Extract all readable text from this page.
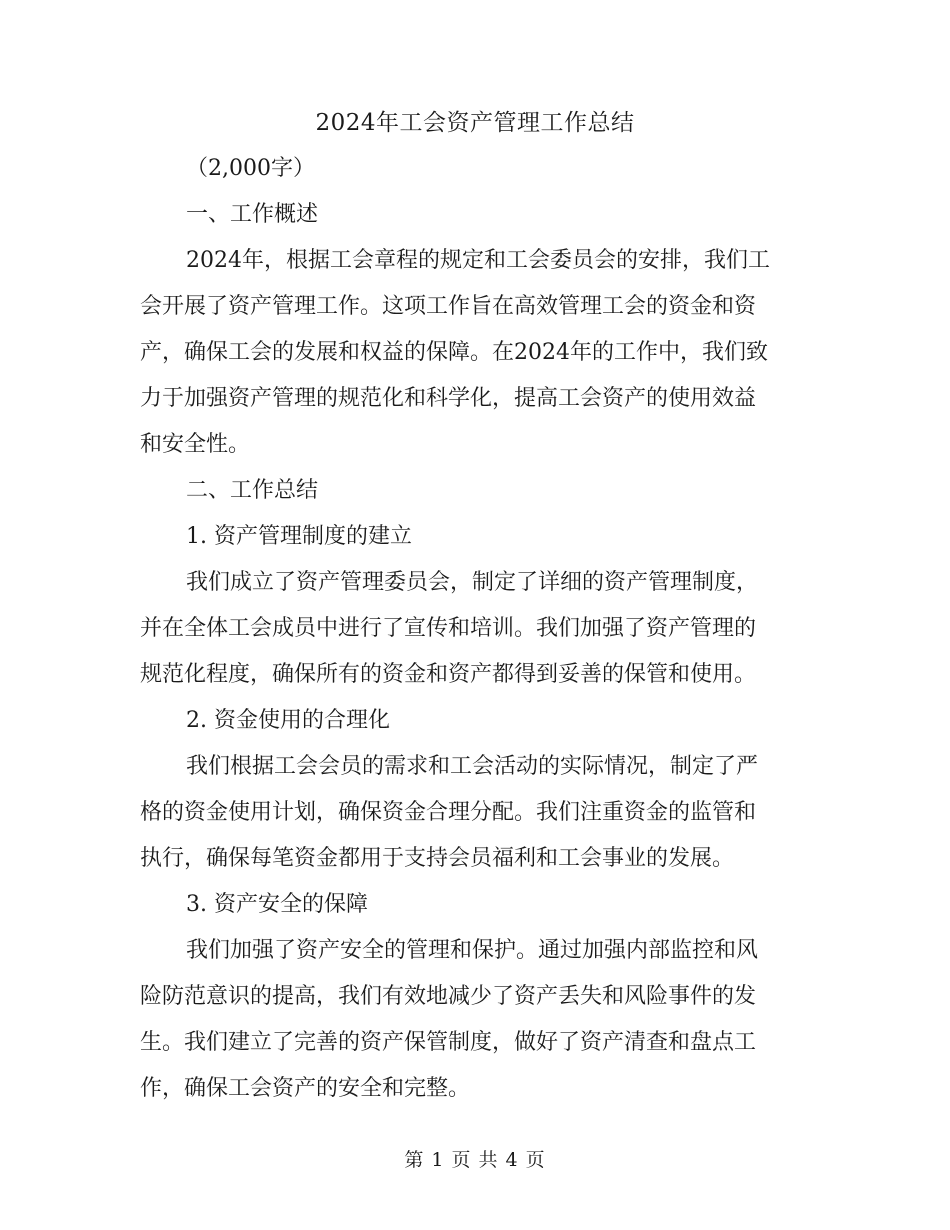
2024年工会资产管理工作总结
（2,000字）
一、工作概述
2024年，根据工会章程的规定和工会委员会的安排，我们工
会开展了资产管理工作。这项工作旨在高效管理工会的资金和资
产，确保工会的发展和权益的保障。在2024年的工作中，我们致
力于加强资产管理的规范化和科学化，提高工会资产的使用效益
和安全性。
二、工作总结
1. 资产管理制度的建立
我们成立了资产管理委员会，制定了详细的资产管理制度，
并在全体工会成员中进行了宣传和培训。我们加强了资产管理的
规范化程度，确保所有的资金和资产都得到妥善的保管和使用。
2. 资金使用的合理化
我们根据工会会员的需求和工会活动的实际情况，制定了严
格的资金使用计划，确保资金合理分配。我们注重资金的监管和
执行，确保每笔资金都用于支持会员福利和工会事业的发展。
3. 资产安全的保障
我们加强了资产安全的管理和保护。通过加强内部监控和风
险防范意识的提高，我们有效地减少了资产丢失和风险事件的发
生。我们建立了完善的资产保管制度，做好了资产清查和盘点工
作，确保工会资产的安全和完整。
第 1 页 共 4 页
